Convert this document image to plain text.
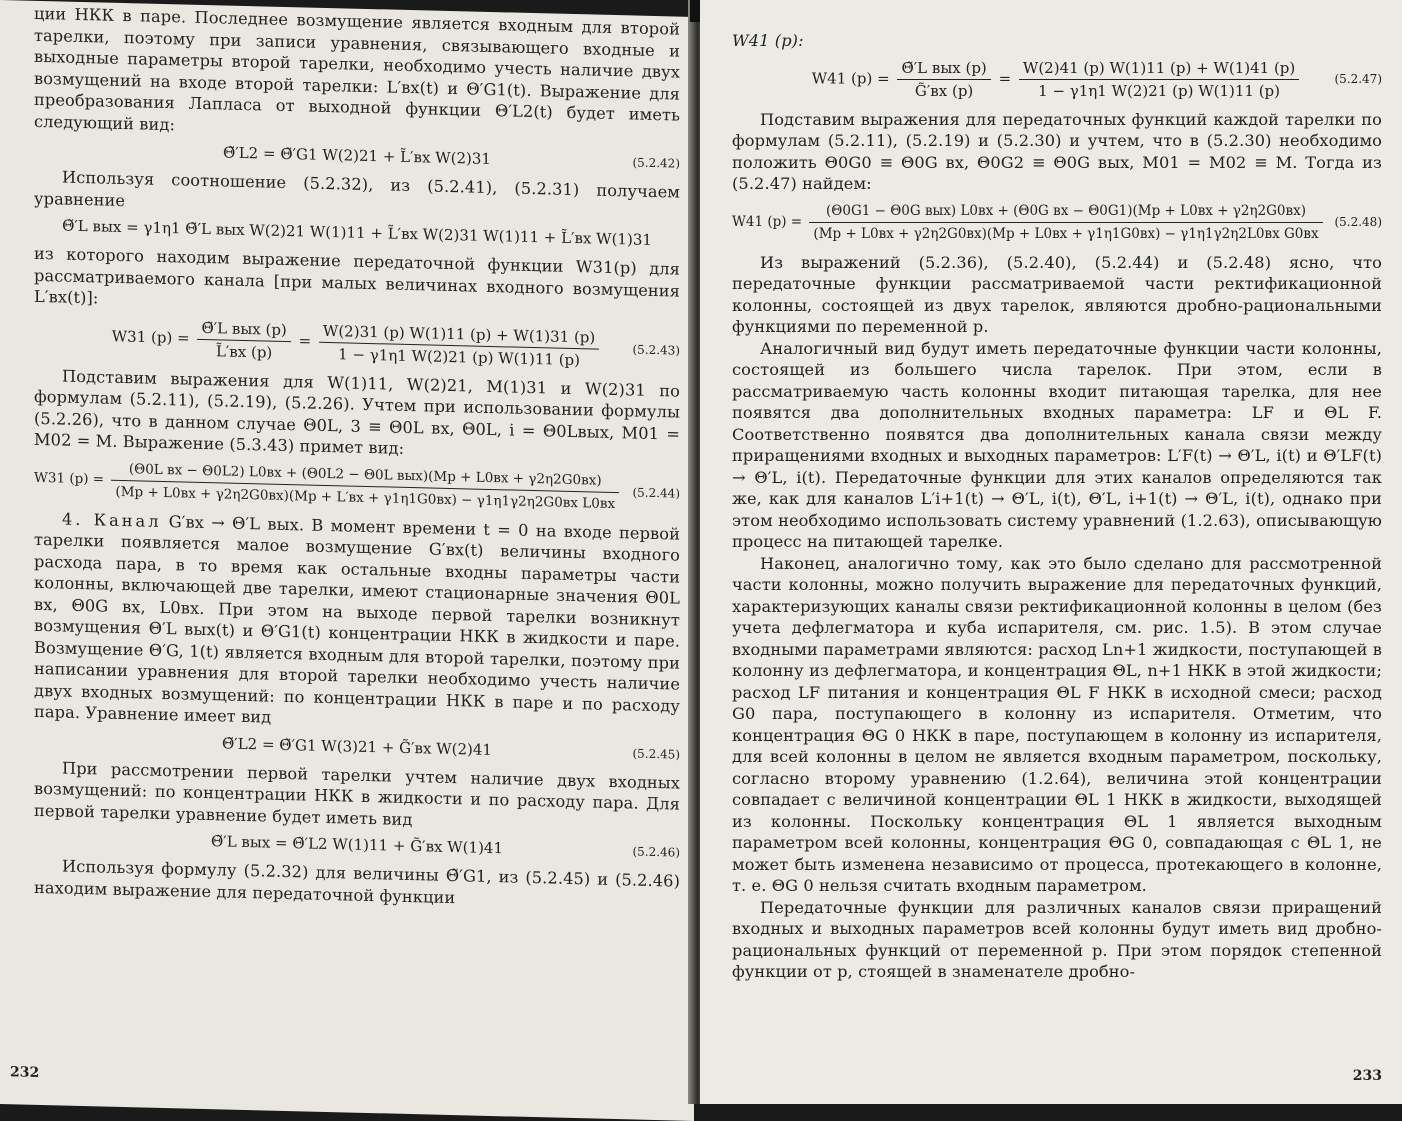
ции НКК в паре. Последнее возмущение является входным для второй тарелки, поэтому при записи уравнения, связывающего входные и выходные параметры второй тарелки, необходимо учесть наличие двух возмущений на входе второй тарелки: L′вх(t) и Θ′G1(t). Выражение для преобразования Лапласа от выходной функции Θ′L2(t) будет иметь следующий вид:

Θ̃′L2 = Θ̃′G1 W(2)21 + L̃′вх W(2)31	(5.2.42)

Используя соотношение (5.2.32), из (5.2.41), (5.2.31) получаем уравнение

Θ̃′L вых = γ1η1 Θ̃′L вых W(2)21 W(1)11 + L̃′вх W(2)31 W(1)11 + L̃′вх W(1)31

из которого находим выражение передаточной функции W31(p) для рассматриваемого канала [при малых величинах входного возмущения L′вх(t)]:

W31 $(p) = \frac{\text{Θ̃′L вых (p)}}{L̃'вх (p)} = \frac{W(2)31 (p) W(1)11 (p) + W(1)31 (p)}{1 - \gamma 1\eta 1 W(2)21 (p) W(1)11 (p)}$	(5.2.43)

Подставим выражения для W(1)11, W(2)21, M(1)31 и W(2)31 по формулам (5.2.11), (5.2.19), (5.2.26). Учтем при использовании формулы (5.2.26), что в данном случае Θ0L, 3 ≡ Θ0L вх, Θ0L, i = Θ0Lвых, M01 = M02 = M. Выражение (5.3.43) примет вид:

W31 (p) =	(Θ0L вх − Θ0L2) L0вх + (Θ0L2 − Θ0L вых)(Mp + L0вх + γ2η2G0вх)
(Mp + L0вх + γ2η2G0вх)(Mp + L′вх + γ1η1G0вх) − γ1η1γ2η2G0вх L0вх	(5.2.44)

4. Канал G′вх → Θ′L вых. В момент времени t = 0 на входе первой тарелки появляется малое возмущение G′вх(t) величины входного расхода пара, в то время как остальные входны параметры части колонны, включающей две тарелки, имеют стационарные значения Θ0L вх, Θ0G вх, L0вх. При этом на выходе первой тарелки возникнут возмущения Θ′L вых(t) и Θ′G1(t) концентрации НКК в жидкости и паре. Возмущение Θ′G, 1(t) является входным для второй тарелки, поэтому при написании уравнения для второй тарелки необходимо учесть наличие двух входных возмущений: по концентрации НКК в паре и по расходу пара. Уравнение имеет вид

Θ̃′L2 = Θ̃′G1 W(3)21 + G̃′вх W(2)41	(5.2.45)

При рассмотрении первой тарелки учтем наличие двух входных возмущений: по концентрации НКК в жидкости и по расходу пара. Для первой тарелки уравнение будет иметь вид

Θ̃′L вых = Θ̃′L2 W(1)11 + G̃′вх W(1)41	(5.2.46)

Используя формулу (5.2.32) для величины Θ̃′G1, из (5.2.45) и (5.2.46) находим выражение для передаточной функции

232

W41 (p):

W41 $(p) = \frac{\text{Θ̃′L вых (p)}}{G̃'вх (p)} = \frac{W(2)41 (p) W(1)11 (p) + W(1)41 (p)}{1 - \gamma 1\eta 1 W(2)21 (p) W(1)11 (p)}$	(5.2.47)

Подставим выражения для передаточных функций каждой тарелки по формулам (5.2.11), (5.2.19) и (5.2.30) и учтем, что в (5.2.30) необходимо положить Θ0G0 ≡ Θ0G вх, Θ0G2 ≡ Θ0G вых, M01 = M02 ≡ M. Тогда из (5.2.47) найдем:

W41 (p) =
(Θ0G1 − Θ0G вых) L0вх + (Θ0G вх − Θ0G1)(Mp + L0вх + γ2η2G0вх)
(Mp + L0вх + γ2η2G0вх)(Mp + L0вх + γ1η1G0вх) − γ1η1γ2η2L0вх G0вх
(5.2.48)

Из выражений (5.2.36), (5.2.40), (5.2.44) и (5.2.48) ясно, что передаточные функции рассматриваемой части ректификационной колонны, состоящей из двух тарелок, являются дробно-рациональными функциями по переменной p.

Аналогичный вид будут иметь передаточные функции части колонны, состоящей из большего числа тарелок. При этом, если в рассматриваемую часть колонны входит питающая тарелка, для нее появятся два дополнительных входных параметра: LF и ΘL F. Соответственно появятся два дополнительных канала связи между приращениями входных и выходных параметров: L′F(t) → Θ′L, i(t) и Θ′LF(t) → Θ′L, i(t). Передаточные функции для этих каналов определяются так же, как для каналов L′i+1(t) → Θ′L, i(t), Θ′L, i+1(t) → Θ′L, i(t), однако при этом необходимо использовать систему уравнений (1.2.63), описывающую процесс на питающей тарелке.

Наконец, аналогично тому, как это было сделано для рассмотренной части колонны, можно получить выражение для передаточных функций, характеризующих каналы связи ректификационной колонны в целом (без учета дефлегматора и куба испарителя, см. рис. 1.5). В этом случае входными параметрами являются: расход Ln+1 жидкости, поступающей в колонну из дефлегматора, и концентрация ΘL, n+1 НКК в этой жидкости; расход LF питания и концентрация ΘL F НКК в исходной смеси; расход G0 пара, поступающего в колонну из испарителя. Отметим, что концентрация ΘG 0 НКК в паре, поступающем в колонну из испарителя, для всей колонны в целом не является входным параметром, поскольку, согласно второму уравнению (1.2.64), величина этой концентрации совпадает с величиной концентрации ΘL 1 НКК в жидкости, выходящей из колонны. Поскольку концентрация ΘL 1 является выходным параметром всей колонны, концентрация ΘG 0, совпадающая с ΘL 1, не может быть изменена независимо от процесса, протекающего в колонне, т. е. ΘG 0 нельзя считать входным параметром.

Передаточные функции для различных каналов связи приращений входных и выходных параметров всей колонны будут иметь вид дробно-рациональных функций от переменной p. При этом порядок степенной функции от p, стоящей в знаменателе дробно-

233
